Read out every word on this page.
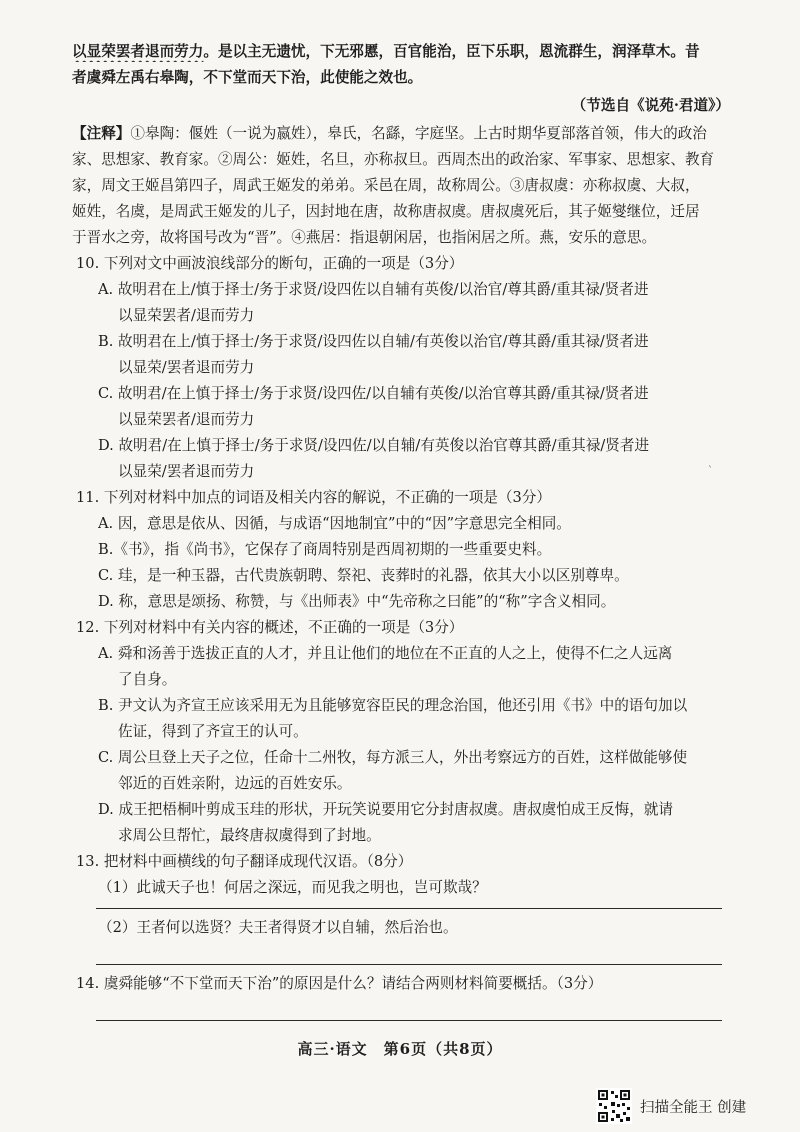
以显荣罢者退而劳力。是以主无遗忧，下无邪慝，百官能治，臣下乐职，恩流群生，润泽草木。昔
者虞舜左禹右皋陶，不下堂而天下治，此使能之效也。
（节选自《说苑·君道》）
【注释】①皋陶：偃姓（一说为嬴姓），皋氏，名繇，字庭坚。上古时期华夏部落首领，伟大的政治
家、思想家、教育家。②周公：姬姓，名旦，亦称叔旦。西周杰出的政治家、军事家、思想家、教育
家，周文王姬昌第四子，周武王姬发的弟弟。采邑在周，故称周公。③唐叔虞：亦称叔虞、大叔，
姬姓，名虞，是周武王姬发的儿子，因封地在唐，故称唐叔虞。唐叔虞死后，其子姬燮继位，迁居
于晋水之旁，故将国号改为“晋”。④燕居：指退朝闲居，也指闲居之所。燕，安乐的意思。
10. 下列对文中画波浪线部分的断句，正确的一项是（3分）
A. 故明君在上/慎于择士/务于求贤/设四佐以自辅有英俊/以治官/尊其爵/重其禄/贤者进
以显荣罢者/退而劳力
B. 故明君在上/慎于择士/务于求贤/设四佐以自辅/有英俊以治官/尊其爵/重其禄/贤者进
以显荣/罢者退而劳力
C. 故明君/在上慎于择士/务于求贤/设四佐/以自辅有英俊/以治官尊其爵/重其禄/贤者进
以显荣罢者/退而劳力
D. 故明君/在上慎于择士/务于求贤/设四佐/以自辅/有英俊以治官尊其爵/重其禄/贤者进
以显荣/罢者退而劳力	ˋ
11. 下列对材料中加点的词语及相关内容的解说，不正确的一项是（3分）
A. 因，意思是依从、因循，与成语“因地制宜”中的“因”字意思完全相同。
B.《书》，指《尚书》，它保存了商周特别是西周初期的一些重要史料。
C. 珪，是一种玉器，古代贵族朝聘、祭祀、丧葬时的礼器，依其大小以区别尊卑。
D. 称，意思是颂扬、称赞，与《出师表》中“先帝称之曰能”的“称”字含义相同。
12. 下列对材料中有关内容的概述，不正确的一项是（3分）
A. 舜和汤善于选拔正直的人才，并且让他们的地位在不正直的人之上，使得不仁之人远离
了自身。
B. 尹文认为齐宣王应该采用无为且能够宽容臣民的理念治国，他还引用《书》中的语句加以
佐证，得到了齐宣王的认可。
C. 周公旦登上天子之位，任命十二州牧，每方派三人，外出考察远方的百姓，这样做能够使
邻近的百姓亲附，边远的百姓安乐。
D. 成王把梧桐叶剪成玉珪的形状，开玩笑说要用它分封唐叔虞。唐叔虞怕成王反悔，就请
求周公旦帮忙，最终唐叔虞得到了封地。
13. 把材料中画横线的句子翻译成现代汉语。（8分）
（1）此诚天子也！何居之深远，而见我之明也，岂可欺哉？
（2）王者何以选贤？夫王者得贤才以自辅，然后治也。
14. 虞舜能够“不下堂而天下治”的原因是什么？请结合两则材料简要概括。（3分）
高三·语文　第6页（共8页）
扫描全能王 创建
